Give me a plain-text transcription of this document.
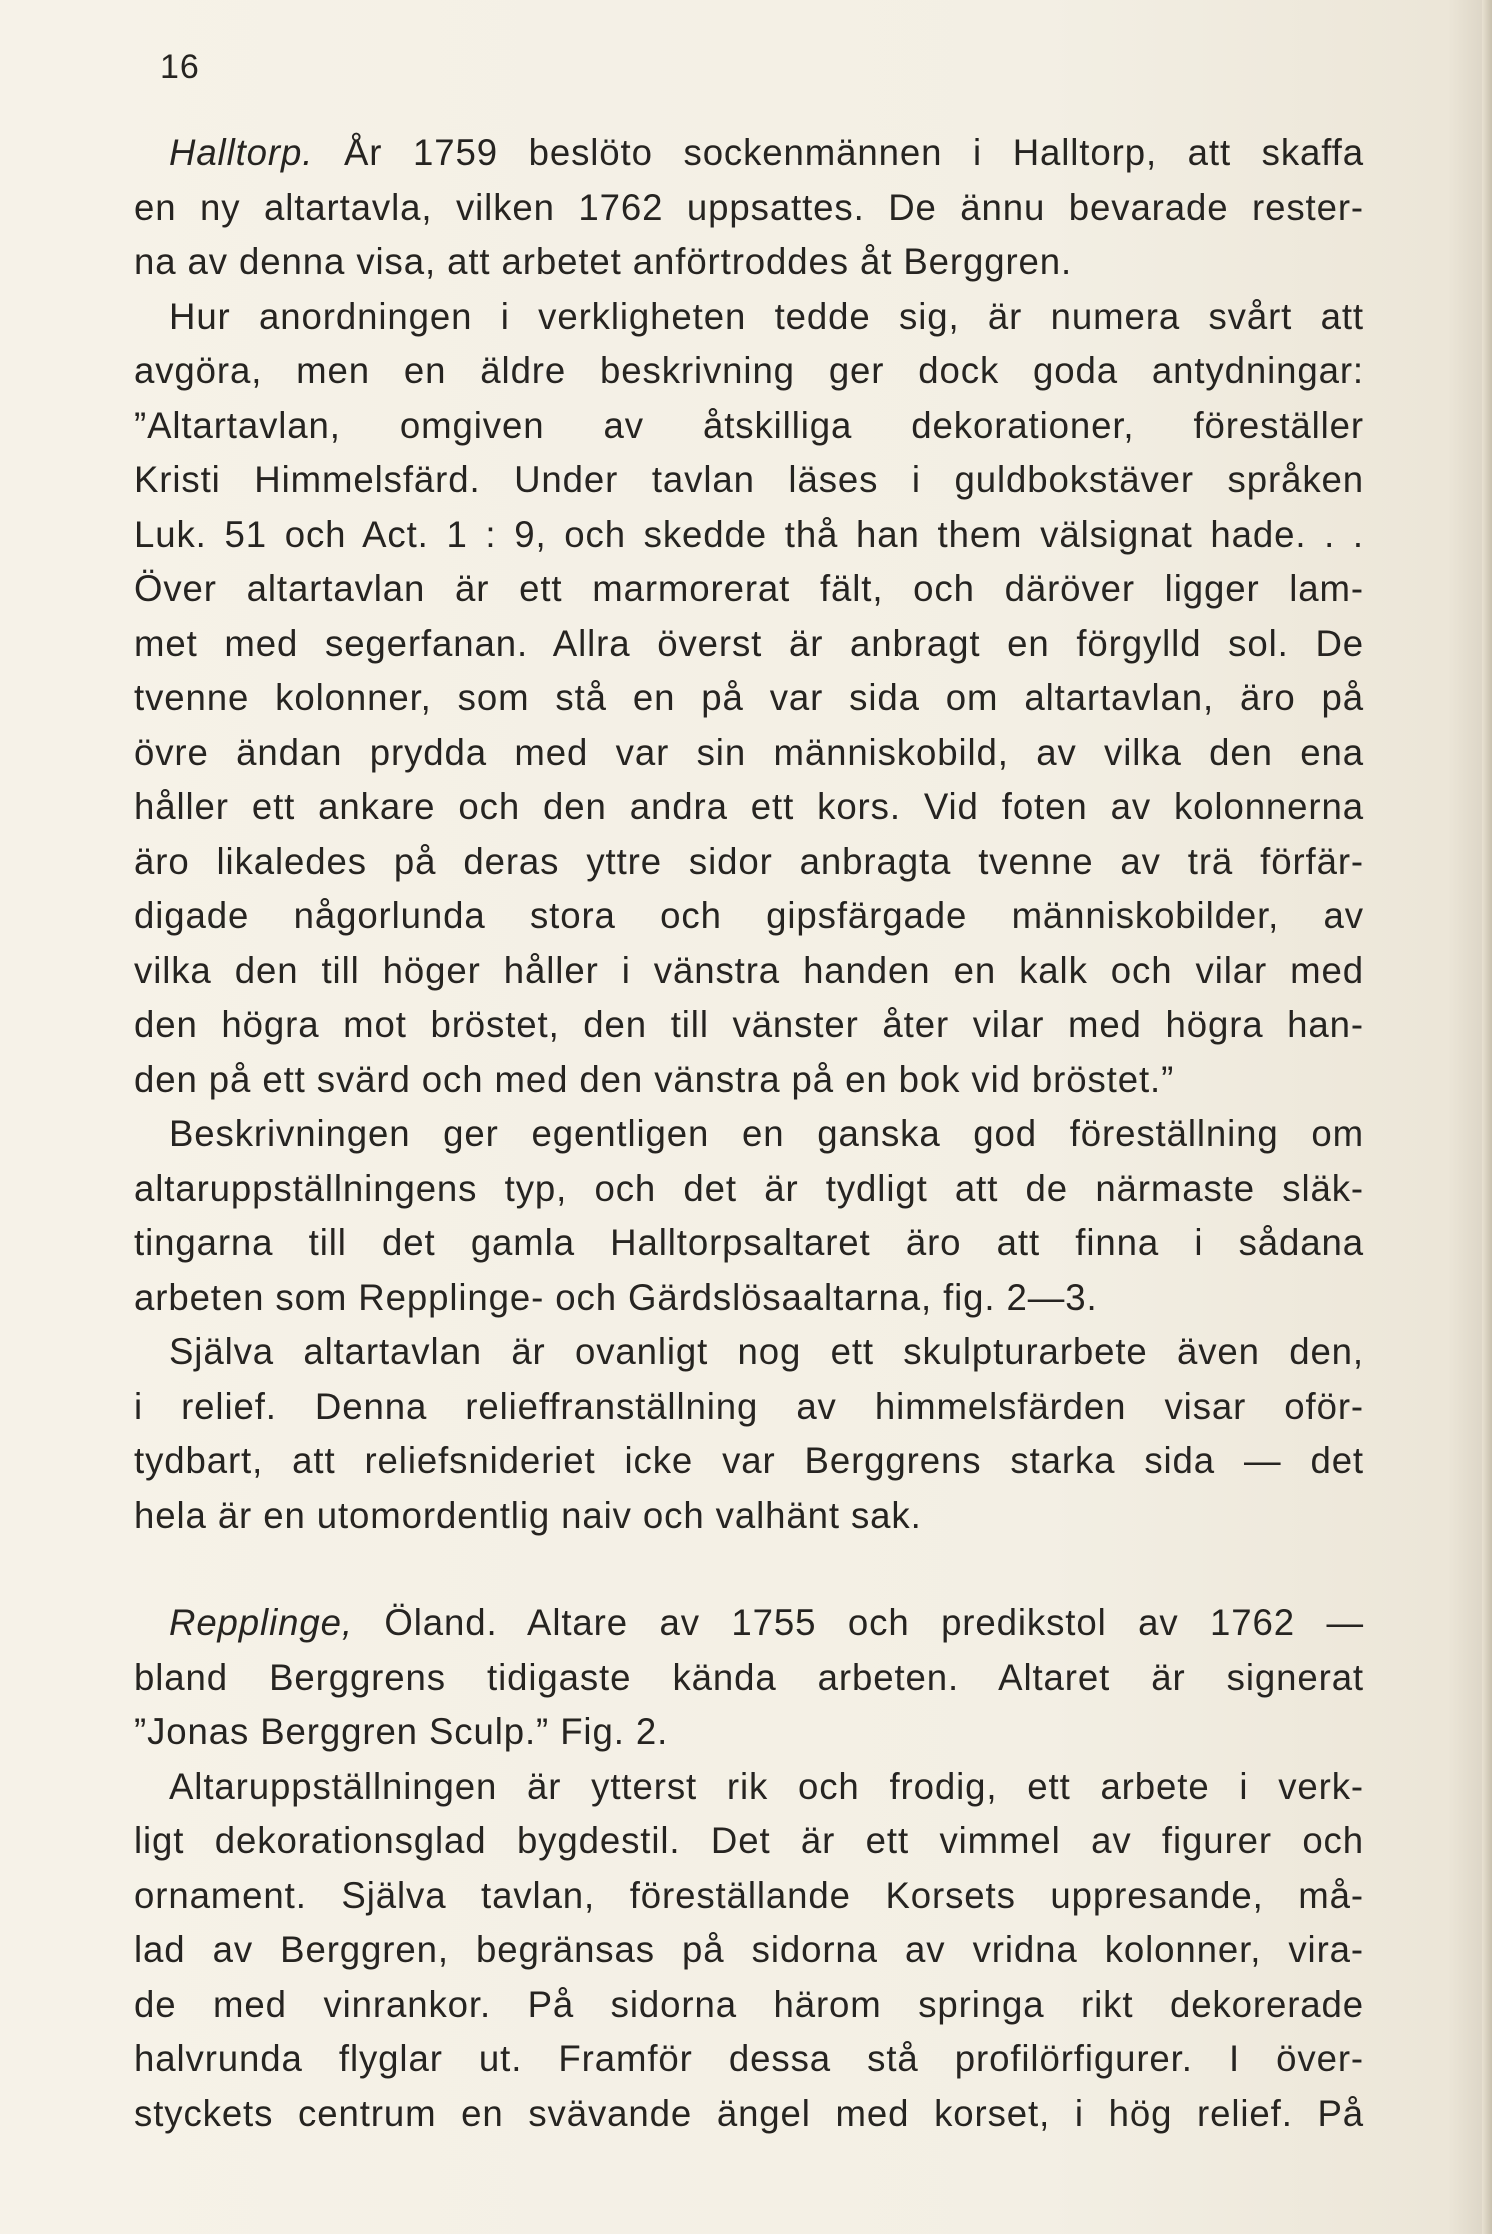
16
Halltorp. År 1759 beslöto sockenmännen i Halltorp, att skaffa
en ny altartavla, vilken 1762 uppsattes. De ännu bevarade rester-
na av denna visa, att arbetet anförtroddes åt Berggren.
Hur anordningen i verkligheten tedde sig, är numera svårt att
avgöra, men en äldre beskrivning ger dock goda antydningar:
”Altartavlan, omgiven av åtskilliga dekorationer, föreställer
Kristi Himmelsfärd. Under tavlan läses i guldbokstäver språken
Luk. 51 och Act. 1 : 9, och skedde thå han them välsignat hade. . .
Över altartavlan är ett marmorerat fält, och däröver ligger lam-
met med segerfanan. Allra överst är anbragt en förgylld sol. De
tvenne kolonner, som stå en på var sida om altartavlan, äro på
övre ändan prydda med var sin människobild, av vilka den ena
håller ett ankare och den andra ett kors. Vid foten av kolonnerna
äro likaledes på deras yttre sidor anbragta tvenne av trä förfär-
digade någorlunda stora och gipsfärgade människobilder, av
vilka den till höger håller i vänstra handen en kalk och vilar med
den högra mot bröstet, den till vänster åter vilar med högra han-
den på ett svärd och med den vänstra på en bok vid bröstet.”
Beskrivningen ger egentligen en ganska god föreställning om
altaruppställningens typ, och det är tydligt att de närmaste släk-
tingarna till det gamla Halltorpsaltaret äro att finna i sådana
arbeten som Repplinge- och Gärdslösaaltarna, fig. 2—3.
Själva altartavlan är ovanligt nog ett skulpturarbete även den,
i relief. Denna relieffranställning av himmelsfärden visar oför-
tydbart, att reliefsnideriet icke var Berggrens starka sida — det
hela är en utomordentlig naiv och valhänt sak.
Repplinge, Öland. Altare av 1755 och predikstol av 1762 —
bland Berggrens tidigaste kända arbeten. Altaret är signerat
”Jonas Berggren Sculp.” Fig. 2.
Altaruppställningen är ytterst rik och frodig, ett arbete i verk-
ligt dekorationsglad bygdestil. Det är ett vimmel av figurer och
ornament. Själva tavlan, föreställande Korsets uppresande, må-
lad av Berggren, begränsas på sidorna av vridna kolonner, vira-
de med vinrankor. På sidorna härom springa rikt dekorerade
halvrunda flyglar ut. Framför dessa stå profilörfigurer. I över-
styckets centrum en svävande ängel med korset, i hög relief. På
